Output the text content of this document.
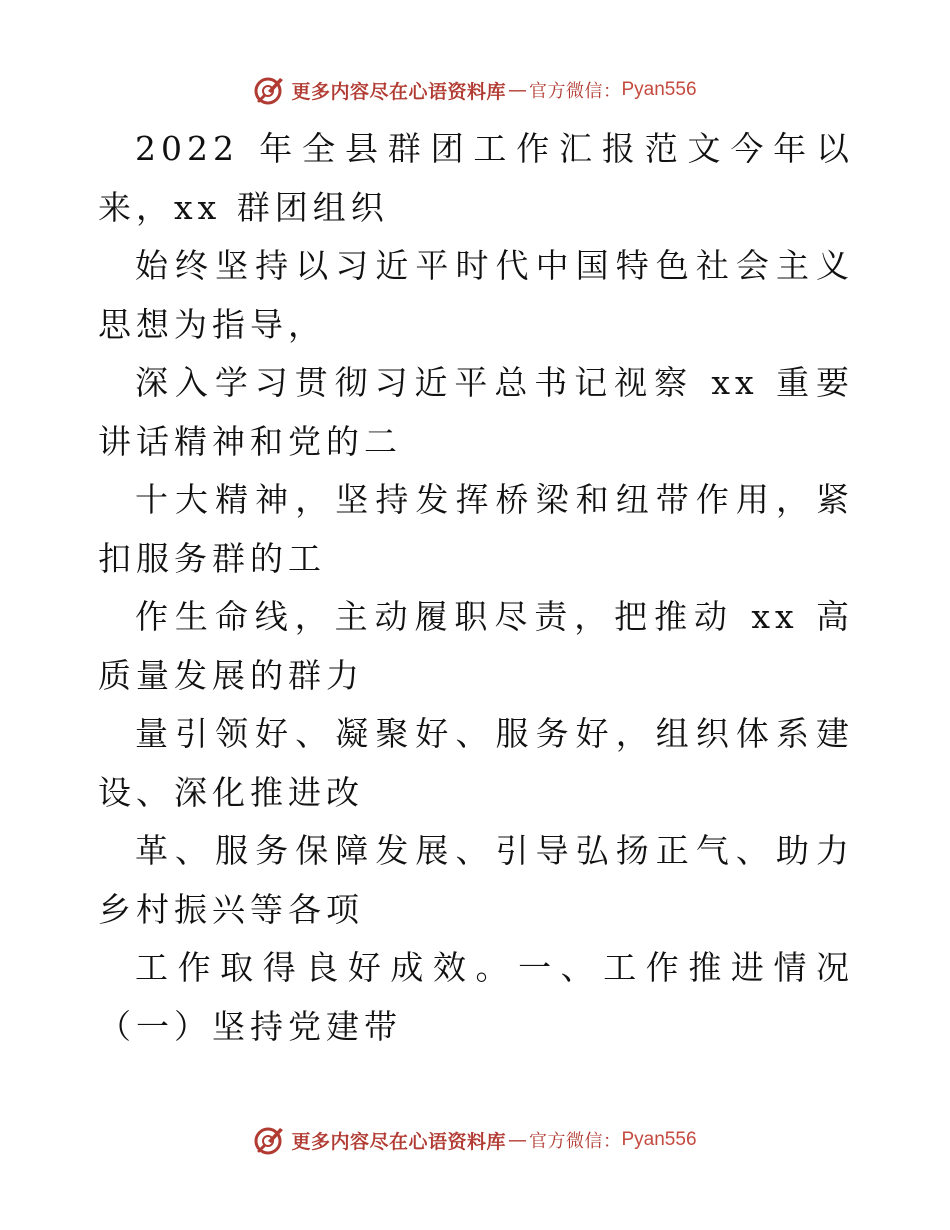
更多内容尽在心语资料库 — 官方微信： Pyan556

2022 年全县群团工作汇报范文今年以来，xx 群团组织

始终坚持以习近平时代中国特色社会主义思想为指导，

深入学习贯彻习近平总书记视察 xx 重要讲话精神和党的二

十大精神，坚持发挥桥梁和纽带作用，紧扣服务群的工

作生命线，主动履职尽责，把推动 xx 高质量发展的群力

量引领好、凝聚好、服务好，组织体系建设、深化推进改

革、服务保障发展、引导弘扬正气、助力乡村振兴等各项

工作取得良好成效。一、工作推进情况（一）坚持党建带

更多内容尽在心语资料库 — 官方微信： Pyan556
